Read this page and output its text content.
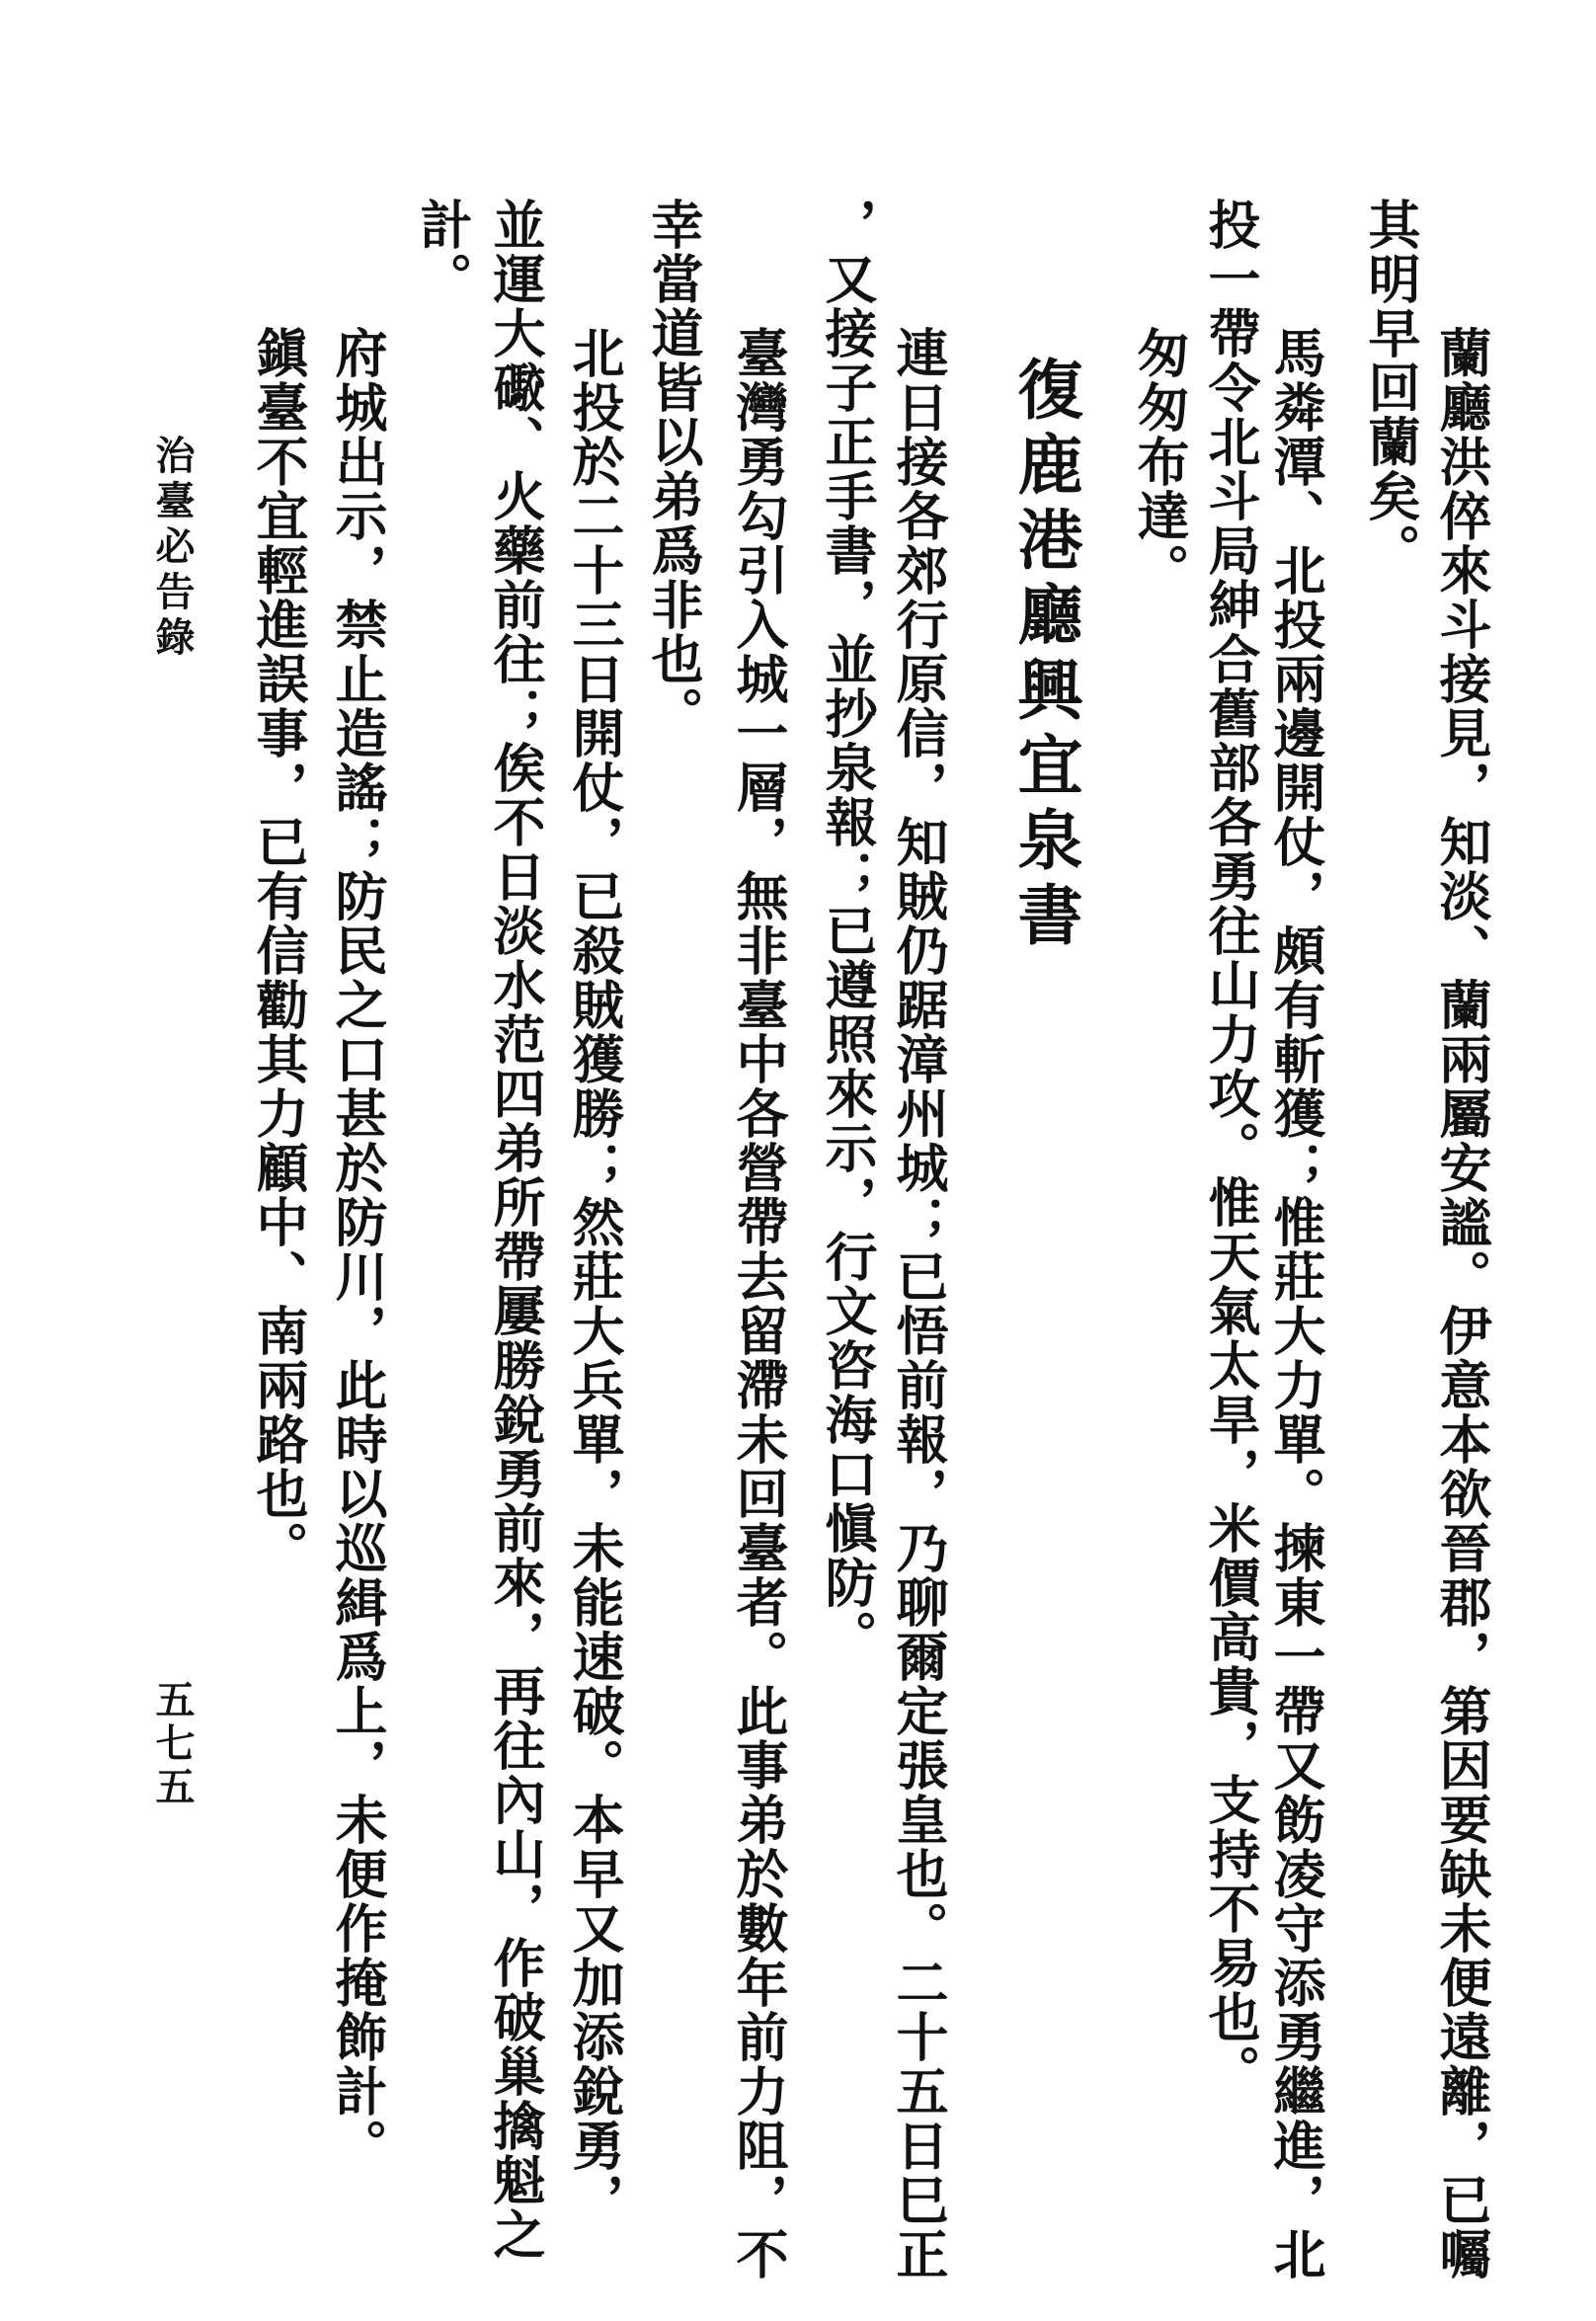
蘭廳洪倅來斗接見，知淡、蘭兩屬安謐。伊意本欲晉郡，第因要缺未便遠離，已囑
其明早回蘭矣。
馬粦潭、北投兩邊開仗，頗有斬獲；惟莊大力單。揀東一帶又飭凌守添勇繼進，北
投一帶令北斗局紳合舊部各勇往山力攻。惟天氣太旱，米價高貴，支持不易也。
匆匆布達。
復鹿港廳興宜泉書
連日接各郊行原信，知賊仍踞漳州城；已悟前報，乃聊爾定張皇也。二十五日巳正
，又接子正手書，並抄泉報；已遵照來示，行文咨海口愼防。
臺灣勇勾引入城一層，無非臺中各營帶去留滯未回臺者。此事弟於數年前力阻，不
幸當道皆以弟爲非也。
北投於二十三日開仗，已殺賊獲勝；然莊大兵單，未能速破。本早又加添銳勇，
並運大礮、火藥前往；俟不日淡水范四弟所帶屢勝銳勇前來，再往內山，作破巢擒魁之
計。
府城出示，禁止造謠；防民之口甚於防川，此時以巡緝爲上，未便作掩飾計。
鎭臺不宜輕進誤事，已有信勸其力顧中、南兩路也。
治臺必告錄
五七五
